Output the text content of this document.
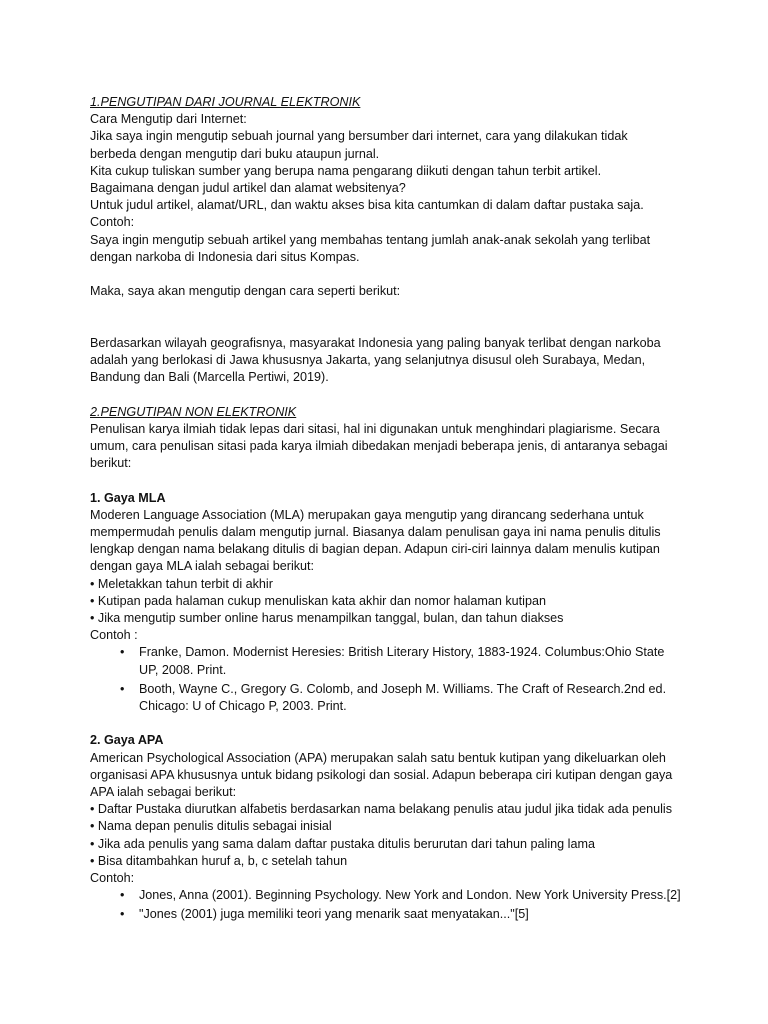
1.PENGUTIPAN DARI JOURNAL ELEKTRONIK

Cara Mengutip dari Internet:

Jika saya ingin mengutip sebuah journal yang bersumber dari internet, cara yang dilakukan tidak

berbeda dengan mengutip dari buku ataupun jurnal.

Kita cukup tuliskan sumber yang berupa nama pengarang diikuti dengan tahun terbit artikel.

Bagaimana dengan judul artikel dan alamat websitenya?

Untuk judul artikel, alamat/URL, dan waktu akses bisa kita cantumkan di dalam daftar pustaka saja.

Contoh:

Saya ingin mengutip sebuah artikel yang membahas tentang jumlah anak-anak sekolah yang terlibat

dengan narkoba di Indonesia dari situs Kompas.

Maka, saya akan mengutip dengan cara seperti berikut:

Berdasarkan wilayah geografisnya, masyarakat Indonesia yang paling banyak terlibat dengan narkoba

adalah yang berlokasi di Jawa khususnya Jakarta, yang selanjutnya disusul oleh Surabaya, Medan,

Bandung dan Bali (Marcella Pertiwi, 2019).

2.PENGUTIPAN NON ELEKTRONIK

Penulisan karya ilmiah tidak lepas dari sitasi, hal ini digunakan untuk menghindari plagiarisme. Secara

umum, cara penulisan sitasi pada karya ilmiah dibedakan menjadi beberapa jenis, di antaranya sebagai

berikut:

1. Gaya MLA

Moderen Language Association (MLA) merupakan gaya mengutip yang dirancang sederhana untuk

mempermudah penulis dalam mengutip jurnal. Biasanya dalam penulisan gaya ini nama penulis ditulis

lengkap dengan nama belakang ditulis di bagian depan. Adapun ciri-ciri lainnya dalam menulis kutipan

dengan gaya MLA ialah sebagai berikut:

• Meletakkan tahun terbit di akhir

• Kutipan pada halaman cukup menuliskan kata akhir dan nomor halaman kutipan

• Jika mengutip sumber online harus menampilkan tanggal, bulan, dan tahun diakses

Contoh :

• Franke, Damon. Modernist Heresies: British Literary History, 1883-1924. Columbus:Ohio State
UP, 2008. Print.
• Booth, Wayne C., Gregory G. Colomb, and Joseph M. Williams. The Craft of Research.2nd ed.
Chicago: U of Chicago P, 2003. Print.

2. Gaya APA

American Psychological Association (APA) merupakan salah satu bentuk kutipan yang dikeluarkan oleh

organisasi APA khususnya untuk bidang psikologi dan sosial. Adapun beberapa ciri kutipan dengan gaya

APA ialah sebagai berikut:

• Daftar Pustaka diurutkan alfabetis berdasarkan nama belakang penulis atau judul jika tidak ada penulis

• Nama depan penulis ditulis sebagai inisial

• Jika ada penulis yang sama dalam daftar pustaka ditulis berurutan dari tahun paling lama

• Bisa ditambahkan huruf a, b, c setelah tahun

Contoh:

• Jones, Anna (2001). Beginning Psychology. New York and London. New York University Press.[2]
• "Jones (2001) juga memiliki teori yang menarik saat menyatakan..."[5]
